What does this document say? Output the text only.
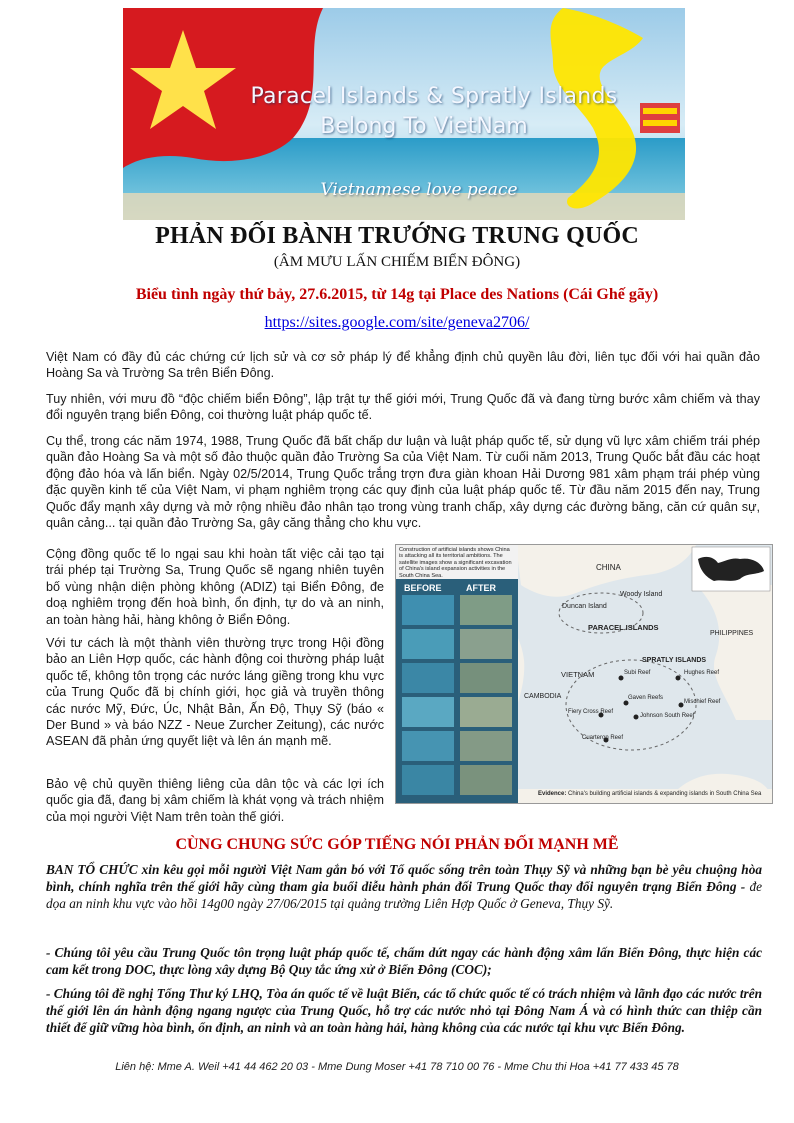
Paracel Islands & Spratly Islands
Belong To VietNam
Vietnamese love peace
PHẢN ĐỐI BÀNH TRƯỚNG TRUNG QUỐC
(ÂM MƯU LẤN CHIẾM BIỂN ĐÔNG)
Biểu tình ngày thứ bảy, 27.6.2015, từ 14g tại Place des Nations (Cái Ghế gãy)
https://sites.google.com/site/geneva2706/

Việt Nam có đầy đủ các chứng cứ lịch sử và cơ sở pháp lý để khẳng định chủ quyền lâu đời, liên tục đối với hai quần đảo Hoàng Sa và Trường Sa trên Biển Đông.

Tuy nhiên, với mưu đồ “độc chiếm biển Đông”, lập trật tự thế giới mới, Trung Quốc đã và đang từng bước xâm chiếm và thay đổi nguyên trạng biển Đông, coi thường luật pháp quốc tế.

Cụ thể, trong các năm 1974, 1988, Trung Quốc đã bất chấp dư luận và luật pháp quốc tế, sử dụng vũ lực xâm chiếm trái phép quần đảo Hoàng Sa và một số đảo thuộc quần đảo Trường Sa của Việt Nam. Từ cuối năm 2013, Trung Quốc bắt đầu các hoạt động đảo hóa và lấn biển. Ngày 02/5/2014, Trung Quốc trắng trợn đưa giàn khoan Hải Dương 981 xâm phạm trái phép vùng đặc quyền kinh tế của Việt Nam, vi phạm nghiêm trọng các quy định của luật pháp quốc tế. Từ đầu năm 2015 đến nay, Trung Quốc đẩy mạnh xây dựng và mở rộng nhiều đảo nhân tạo trong vùng tranh chấp, xây dựng các đường băng, căn cứ quân sự, quân cảng... tại quần đảo Trường Sa, gây căng thẳng cho khu vực.

Cộng đồng quốc tế lo ngại sau khi hoàn tất việc cải tạo tại trái phép tại Trường Sa, Trung Quốc sẽ ngang nhiên tuyên bố vùng nhận diện phòng không (ADIZ) tại Biển Đông, đe doạ nghiêm trọng đến hoà bình, ổn định, tự do và an ninh, an toàn hàng hải, hàng không ở Biển Đông.

Với tư cách là một thành viên thường trực trong Hội đồng bảo an Liên Hợp quốc, các hành động coi thường pháp luật quốc tế, không tôn trọng các nước láng giềng trong khu vực của Trung Quốc đã bị chính giới, học giả và truyền thông các nước Mỹ, Đức, Úc, Nhật Bản, Ấn Độ, Thụy Sỹ (báo « Der Bund » và báo NZZ - Neue Zurcher Zeitung), các nước ASEAN đã phản ứng quyết liệt và lên án mạnh mẽ.

Bảo vệ chủ quyền thiêng liêng của dân tộc và các lợi ích quốc gia đã, đang bị xâm chiếm là khát vọng và trách nhiệm của mọi người Việt Nam trên toàn thế giới.

Construction of artificial islands shows China is attacking all its territorial ambitions. The satellite images show a significant excavation of China's island expansion activities in the South China Sea.
BEFORE	AFTER
CHINA
Woody Island
Duncan Island
PARACEL ISLANDS
PHILIPPINES
VIETNAM
SPRATLY ISLANDS
CAMBODIA
Subi Reef	Hughes Reef
Gaven Reefs
Mischief Reef
Fiery Cross Reef
Johnson South Reef
Cuarteron Reef
Evidence: China's building artificial islands & expanding islands in South China Sea
CÙNG CHUNG SỨC GÓP TIẾNG NÓI PHẢN ĐỐI MẠNH MẼ

BAN TỔ CHỨC xin kêu gọi mỗi người Việt Nam gắn bó với Tổ quốc sống trên toàn Thụy Sỹ và những bạn bè yêu chuộng hòa bình, chính nghĩa trên thế giới hãy cùng tham gia buổi diễu hành phản đối Trung Quốc thay đổi nguyên trạng Biển Đông - đe dọa an ninh khu vực vào hồi 14g00 ngày 27/06/2015 tại quảng trường Liên Hợp Quốc ở Geneva, Thụy Sỹ.

- Chúng tôi yêu cầu Trung Quốc tôn trọng luật pháp quốc tế, chấm dứt ngay các hành động xâm lấn Biển Đông, thực hiện các cam kết trong DOC, thực lòng xây dựng Bộ Quy tắc ứng xử ở Biển Đông (COC);

- Chúng tôi đề nghị Tổng Thư ký LHQ, Tòa án quốc tế về luật Biển, các tổ chức quốc tế có trách nhiệm và lãnh đạo các nước trên thế giới lên án hành động ngang ngược của Trung Quốc, hỗ trợ các nước nhỏ tại Đông Nam Á và có hình thức can thiệp cần thiết để giữ vững hòa bình, ổn định, an ninh và an toàn hàng hải, hàng không của các nước tại khu vực Biển Đông.

Liên hệ: Mme A. Weil +41 44 462 20 03 - Mme Dung Moser +41 78 710 00 76 - Mme Chu thi Hoa +41 77 433 45 78
